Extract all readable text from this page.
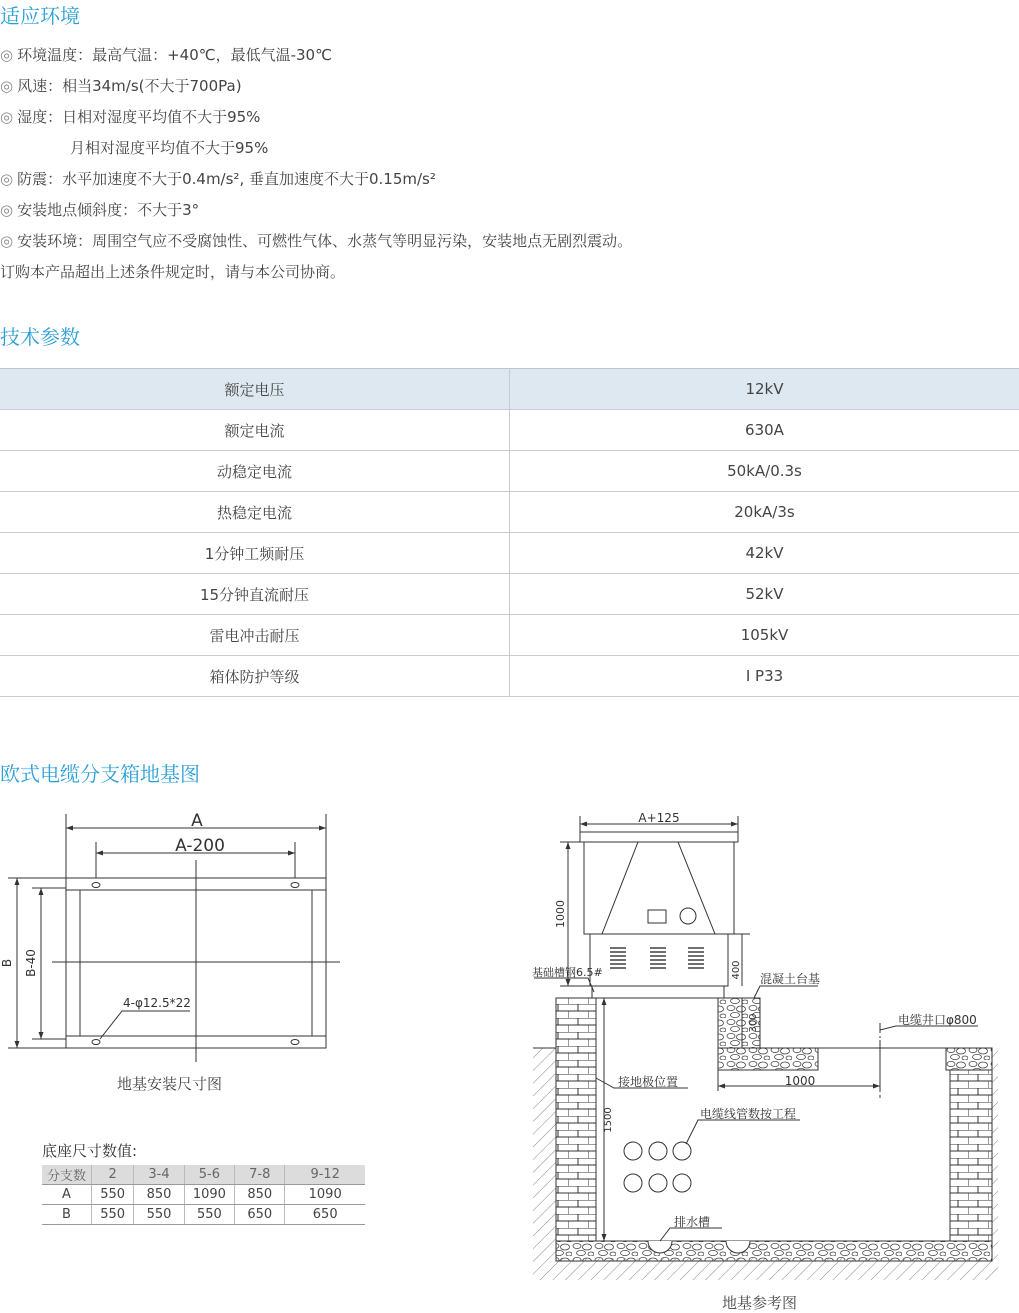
适应环境
◎ 环境温度：最高气温：+40℃，最低气温-30℃
◎ 风速：相当34m/s(不大于700Pa)
◎ 湿度：日相对湿度平均值不大于95%
月相对湿度平均值不大于95%
◎ 防震：水平加速度不大于0.4m/s², 垂直加速度不大于0.15m/s²
◎ 安装地点倾斜度：不大于3°
◎ 安装环境：周围空气应不受腐蚀性、可燃性气体、水蒸气等明显污染，安装地点无剧烈震动。
订购本产品超出上述条件规定时，请与本公司协商。
技术参数
额定电压	12kV
额定电流	630A
动稳定电流	50kA/0.3s
热稳定电流	20kA/3s
1分钟工频耐压	42kV
15分钟直流耐压	52kV
雷电冲击耐压	105kV
箱体防护等级	I P33
欧式电缆分支箱地基图
A
A-200
B B-40
4-φ12.5*22
地基安装尺寸图
底座尺寸数值:
分支数	2	3-4	5-6	7-8	9-12
A	550	850	1090	850	1090
B	550	550	550	650	650
A+125
1000
400
300
1500
1000
基础槽钢6.5#	混凝土台基
电缆井口φ800
接地极位置
电缆线管数按工程
排水槽
地基参考图
